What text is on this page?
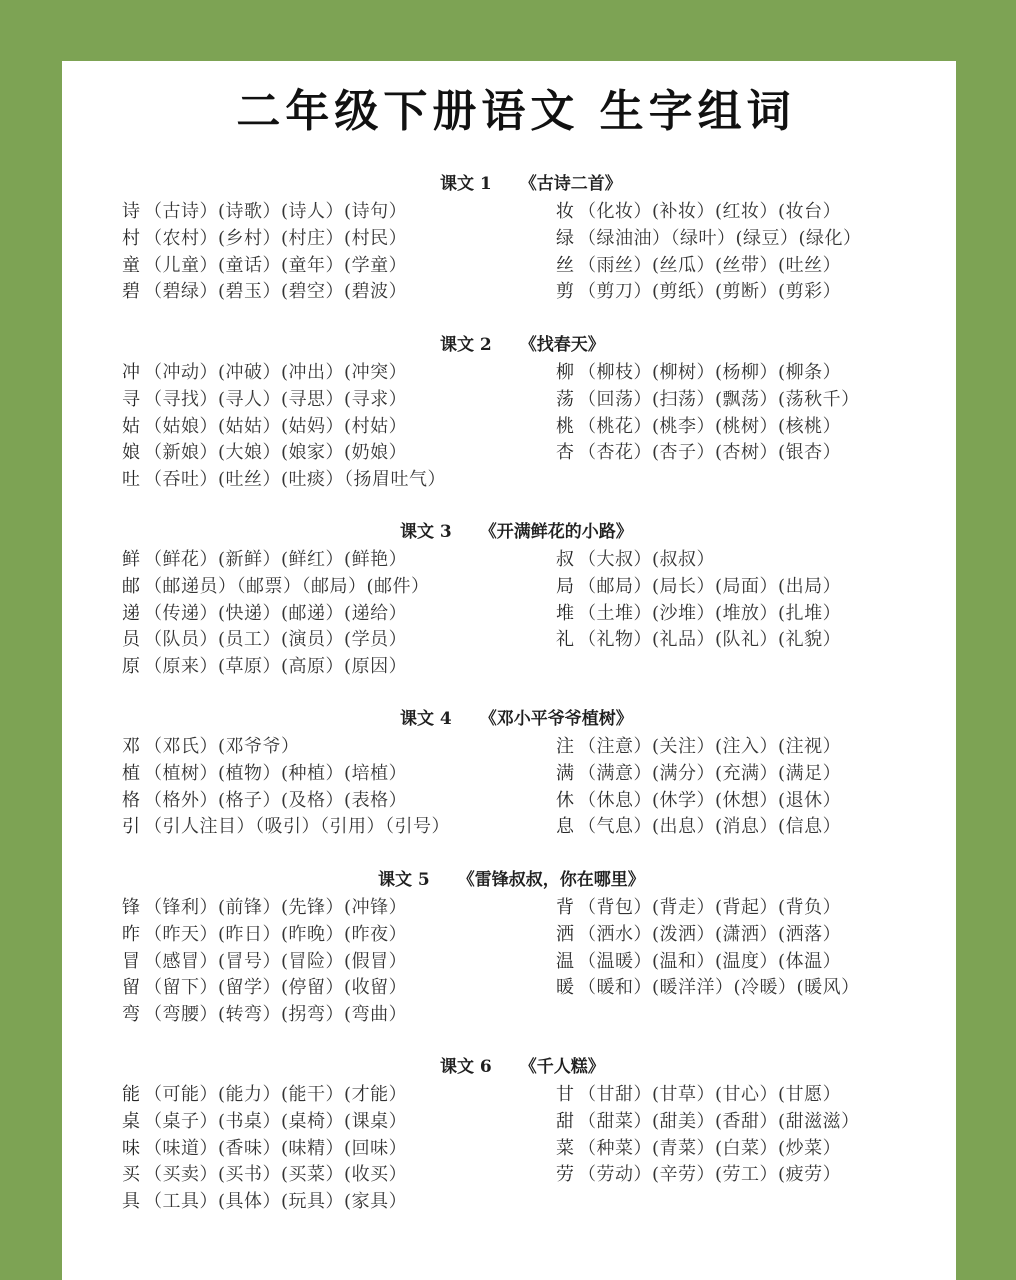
二年级下册语文 生字组词
课文 1 《古诗二首》
诗 （古诗）(诗歌）(诗人）(诗句）
村 （农村）(乡村）(村庄）(村民）
童 （儿童）(童话）(童年）(学童）
碧 （碧绿）(碧玉）(碧空）(碧波）
妆 （化妆）(补妆）(红妆）(妆台）
绿 （绿油油）（绿叶）(绿豆）(绿化）
丝 （雨丝）(丝瓜）(丝带）(吐丝）
剪 （剪刀）(剪纸）(剪断）(剪彩）
课文 2 《找春天》
冲 （冲动）(冲破）(冲出）(冲突）
寻 （寻找）(寻人）(寻思）(寻求）
姑 （姑娘）(姑姑）(姑妈）(村姑）
娘 （新娘）(大娘）(娘家）(奶娘）
吐 （吞吐）(吐丝）(吐痰）（扬眉吐气）
柳 （柳枝）(柳树）(杨柳）(柳条）
荡 （回荡）(扫荡）(飘荡）(荡秋千）
桃 （桃花）(桃李）(桃树）(核桃）
杏 （杏花）(杏子）(杏树）(银杏）
课文 3 《开满鲜花的小路》
鲜 （鲜花）(新鲜）(鲜红）(鲜艳）
邮 （邮递员）（邮票）（邮局）(邮件）
递 （传递）(快递）(邮递）(递给）
员 （队员）(员工）(演员）(学员）
原 （原来）(草原）(高原）(原因）
叔 （大叔）(叔叔）
局 （邮局）(局长）(局面）(出局）
堆 （土堆）(沙堆）(堆放）(扎堆）
礼 （礼物）(礼品）(队礼）(礼貌）
课文 4 《邓小平爷爷植树》
邓 （邓氏）(邓爷爷）
植 （植树）(植物）(种植）(培植）
格 （格外）(格子）(及格）(表格）
引 （引人注目）（吸引）（引用）（引号）
注 （注意）(关注）(注入）(注视）
满 （满意）(满分）(充满）(满足）
休 （休息）(休学）(休想）(退休）
息 （气息）(出息）(消息）(信息）
课文 5 《雷锋叔叔，你在哪里》
锋 （锋利）(前锋）(先锋）(冲锋）
昨 （昨天）(昨日）(昨晚）(昨夜）
冒 （感冒）(冒号）(冒险）(假冒）
留 （留下）(留学）(停留）(收留）
弯 （弯腰）(转弯）(拐弯）(弯曲）
背 （背包）(背走）(背起）(背负）
洒 （洒水）(泼洒）(潇洒）(洒落）
温 （温暖）(温和）(温度）(体温）
暖 （暖和）(暖洋洋）(冷暖）(暖风）
课文 6 《千人糕》
能 （可能）(能力）(能干）(才能）
桌 （桌子）(书桌）(桌椅）(课桌）
味 （味道）(香味）(味精）(回味）
买 （买卖）(买书）(买菜）(收买）
具 （工具）(具体）(玩具）(家具）
甘 （甘甜）(甘草）(甘心）(甘愿）
甜 （甜菜）(甜美）(香甜）(甜滋滋）
菜 （种菜）(青菜）(白菜）(炒菜）
劳 （劳动）(辛劳）(劳工）(疲劳）
